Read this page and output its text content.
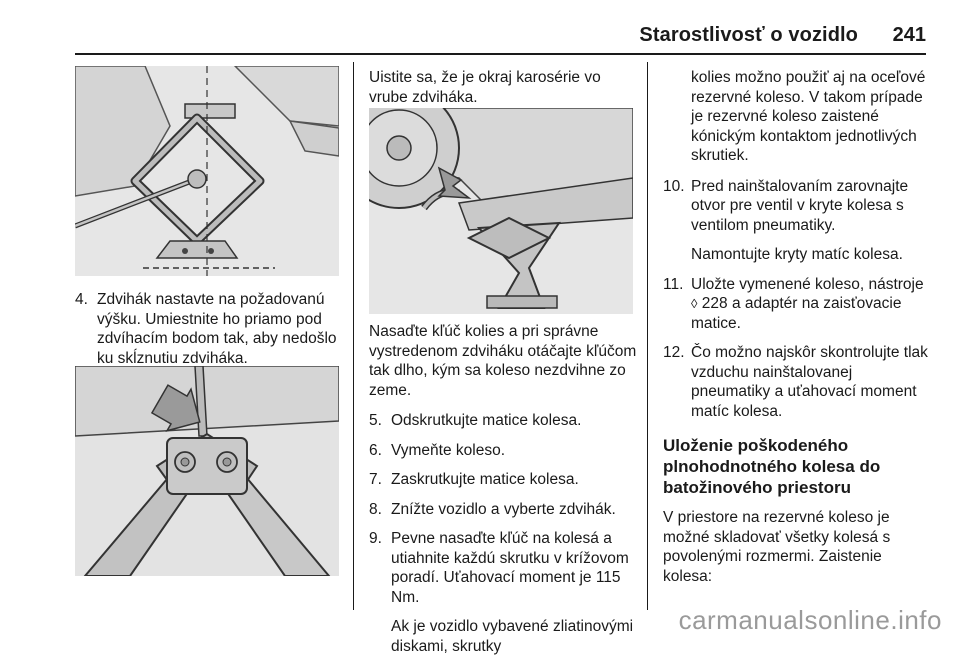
Starostlivosť o vozidlo 241
4. Zdvihák nastavte na požadovanú výšku. Umiestnite ho priamo pod zdvíhacím bodom tak, aby nedošlo ku skĺznutiu zdviháka.

Uistite sa, že je okraj karosérie vo vrube zdviháka.

Nasaďte kľúč kolies a pri správne vystredenom zdviháku otáčajte kľúčom tak dlho, kým sa koleso nezdvihne zo zeme.

5. Odskrutkujte matice kolesa.
6. Vymeňte koleso.
7. Zaskrutkujte matice kolesa.
8. Znížte vozidlo a vyberte zdvihák.
9. Pevne nasaďte kľúč na kolesá a utiahnite každú skrutku v krížovom poradí. Uťahovací moment je 115 Nm.
Ak je vozidlo vybavené zliatinovými diskami, skrutky
kolies možno použiť aj na oceľové rezervné koleso. V takom prípade je rezervné koleso zaistené kónickým kontaktom jednotlivých skrutiek.
10. Pred nainštalovaním zarovnajte otvor pre ventil v kryte kolesa s ventilom pneumatiky.
Namontujte kryty matíc kolesa.
11. Uložte vymenené koleso, nástroje ◊ 228 a adaptér na zaisťovacie matice.
12. Čo možno najskôr skontrolujte tlak vzduchu nainštalovanej pneumatiky a uťahovací moment matíc kolesa.
Uloženie poškodeného plnohodnotného kolesa do batožinového priestoru

V priestore na rezervné koleso je možné skladovať všetky kolesá s povolenými rozmermi. Zaistenie kolesa:

carmanualsonline.info
